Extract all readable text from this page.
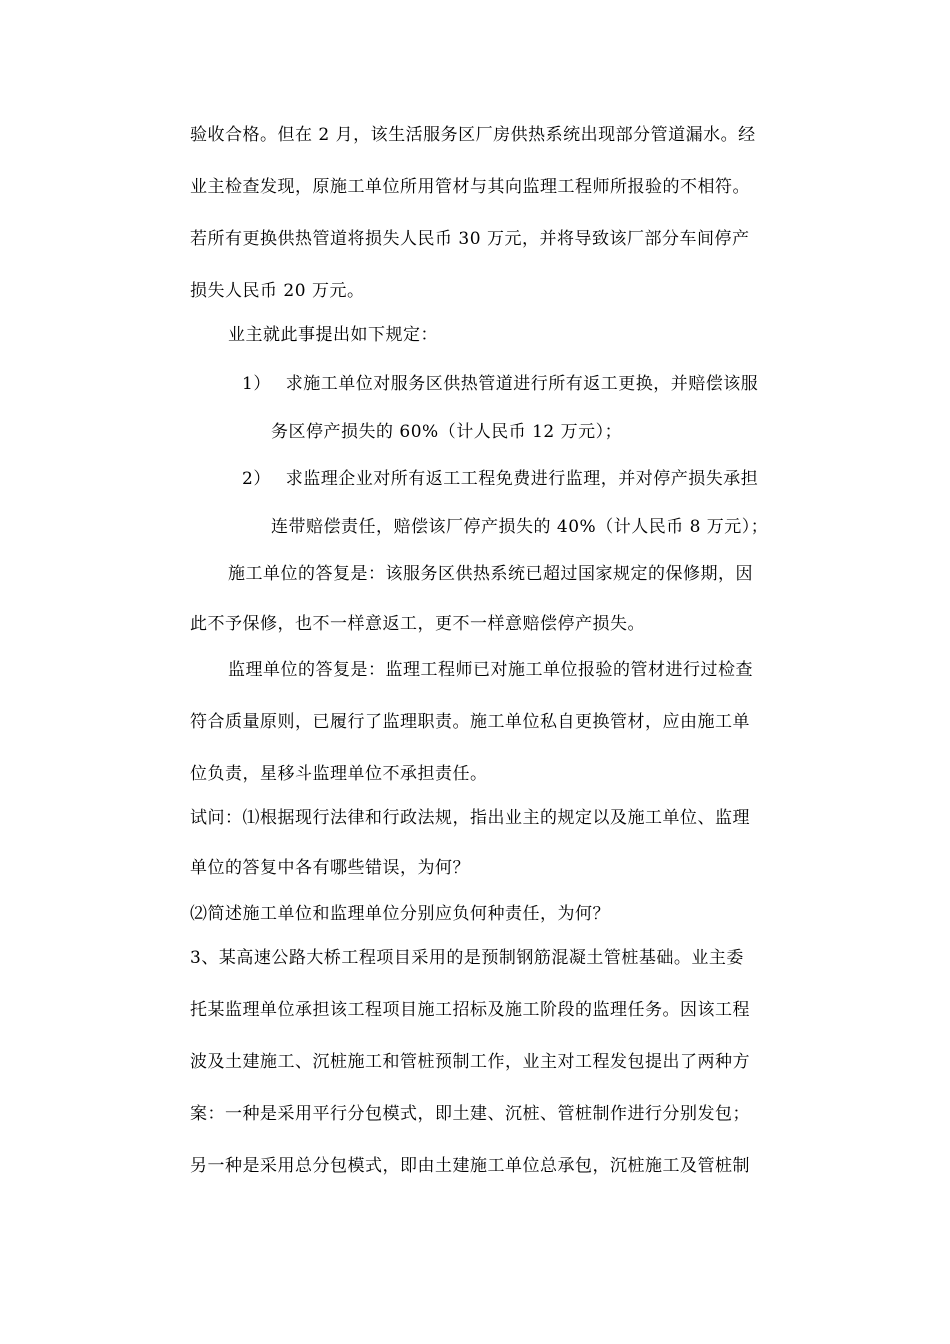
验收合格。但在 2 月，该生活服务区厂房供热系统出现部分管道漏水。经
业主检查发现，原施工单位所用管材与其向监理工程师所报验的不相符。
若所有更换供热管道将损失人民币 30 万元，并将导致该厂部分车间停产
损失人民币 20 万元。
业主就此事提出如下规定：
1）　 求施工单位对服务区供热管道进行所有返工更换，并赔偿该服
务区停产损失的 60%（计人民币 12 万元）；
2）　 求监理企业对所有返工工程免费进行监理，并对停产损失承担
连带赔偿责任，赔偿该厂停产损失的 40%（计人民币 8 万元）；
施工单位的答复是：该服务区供热系统已超过国家规定的保修期，因
此不予保修，也不一样意返工，更不一样意赔偿停产损失。
监理单位的答复是：监理工程师已对施工单位报验的管材进行过检查
符合质量原则，已履行了监理职责。施工单位私自更换管材，应由施工单
位负责，星移斗监理单位不承担责任。
试问：⑴根据现行法律和行政法规，指出业主的规定以及施工单位、监理
单位的答复中各有哪些错误，为何？
⑵简述施工单位和监理单位分别应负何种责任，为何？
3、某高速公路大桥工程项目采用的是预制钢筋混凝土管桩基础。业主委
托某监理单位承担该工程项目施工招标及施工阶段的监理任务。因该工程
波及土建施工、沉桩施工和管桩预制工作，业主对工程发包提出了两种方
案：一种是采用平行分包模式，即土建、沉桩、管桩制作进行分别发包；
另一种是采用总分包模式，即由土建施工单位总承包，沉桩施工及管桩制
